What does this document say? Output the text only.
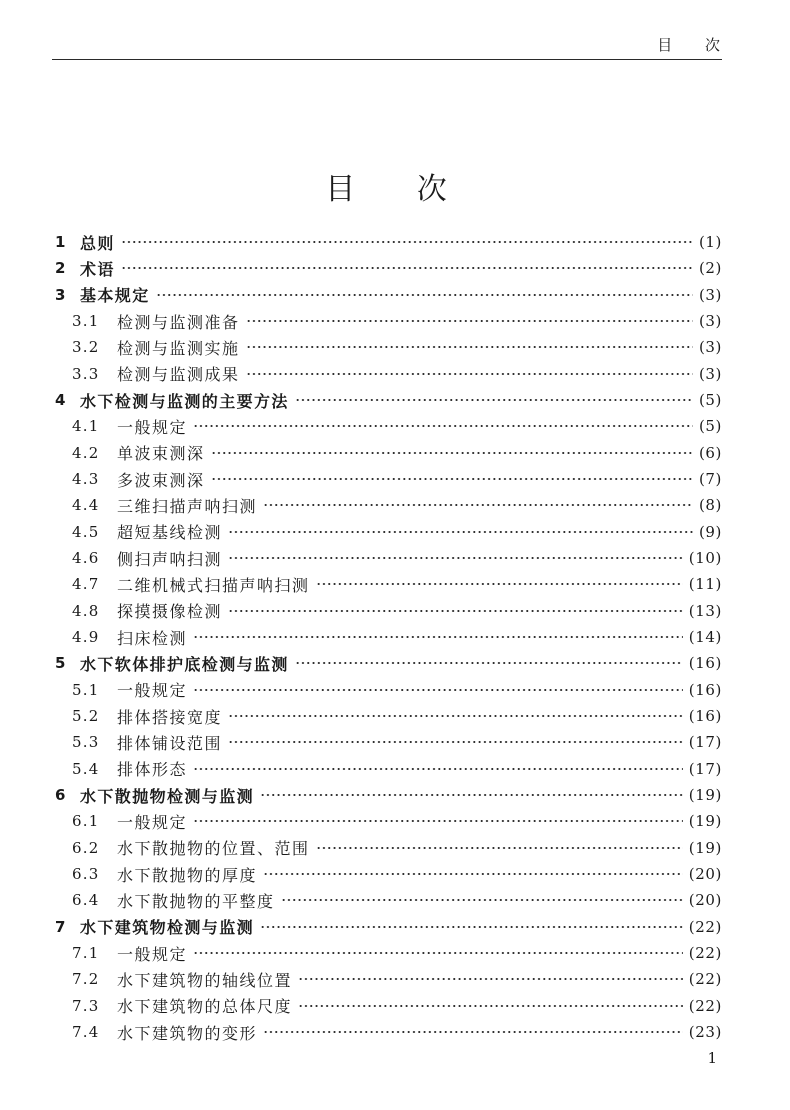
目 次
目 次
1 总则	(1)
2 术语	(2)
3 基本规定	(3)
3.1	检测与监测准备	(3)
3.2	检测与监测实施	(3)
3.3	检测与监测成果	(3)
4 水下检测与监测的主要方法	(5)
4.1	一般规定	(5)
4.2	单波束测深	(6)
4.3	多波束测深	(7)
4.4	三维扫描声呐扫测	(8)
4.5	超短基线检测	(9)
4.6	侧扫声呐扫测	(10)
4.7	二维机械式扫描声呐扫测	(11)
4.8	探摸摄像检测	(13)
4.9	扫床检测	(14)
5 水下软体排护底检测与监测	(16)
5.1	一般规定	(16)
5.2	排体搭接宽度	(16)
5.3	排体铺设范围	(17)
5.4	排体形态	(17)
6 水下散抛物检测与监测	(19)
6.1	一般规定	(19)
6.2	水下散抛物的位置、范围	(19)
6.3	水下散抛物的厚度	(20)
6.4	水下散抛物的平整度	(20)
7 水下建筑物检测与监测	(22)
7.1	一般规定	(22)
7.2	水下建筑物的轴线位置	(22)
7.3	水下建筑物的总体尺度	(22)
7.4	水下建筑物的变形	(23)
1
